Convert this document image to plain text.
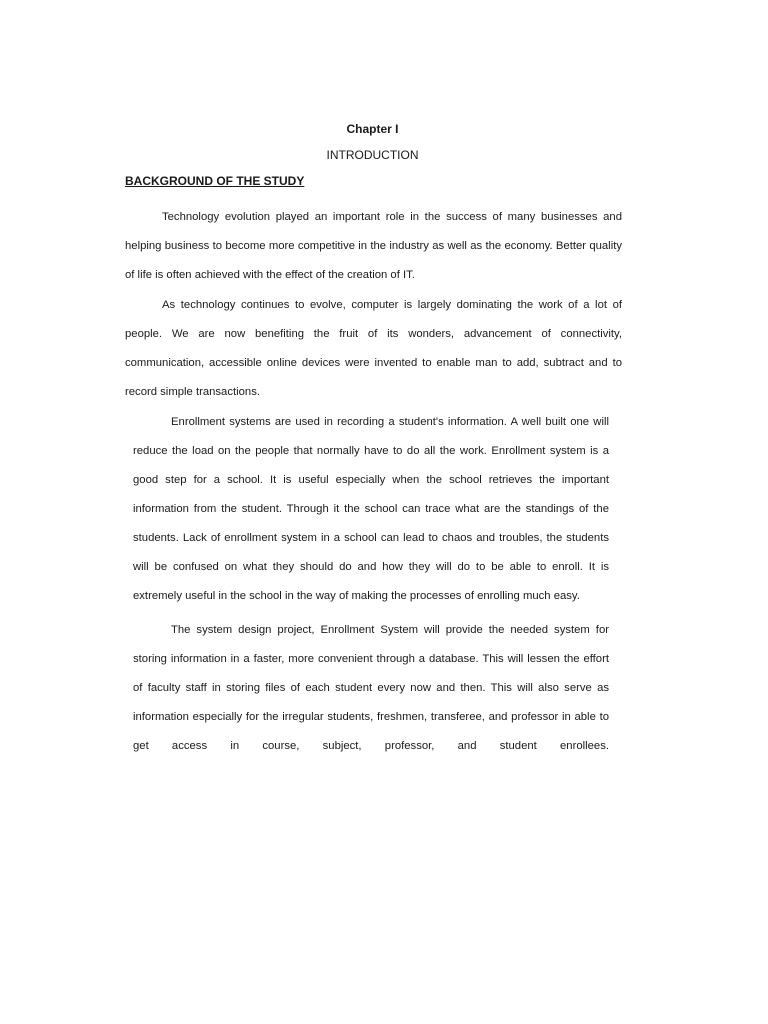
Chapter I
INTRODUCTION
BACKGROUND OF THE STUDY

Technology evolution played an important role in the success of many businesses and helping business to become more competitive in the industry as well as the economy. Better quality of life is often achieved with the effect of the creation of IT.

As technology continues to evolve, computer is largely dominating the work of a lot of people. We are now benefiting the fruit of its wonders, advancement of connectivity, communication, accessible online devices were invented to enable man to add, subtract and to record simple transactions.

Enrollment systems are used in recording a student's information. A well built one will reduce the load on the people that normally have to do all the work. Enrollment system is a good step for a school. It is useful especially when the school retrieves the important information from the student. Through it the school can trace what are the standings of the students. Lack of enrollment system in a school can lead to chaos and troubles, the students will be confused on what they should do and how they will do to be able to enroll. It is extremely useful in the school in the way of making the processes of enrolling much easy.

The system design project, Enrollment System will provide the needed system for storing information in a faster, more convenient through a database. This will lessen the effort of faculty staff in storing files of each student every now and then. This will also serve as information especially for the irregular students, freshmen, transferee, and professor in able to get access in course, subject, professor, and student enrollees.
